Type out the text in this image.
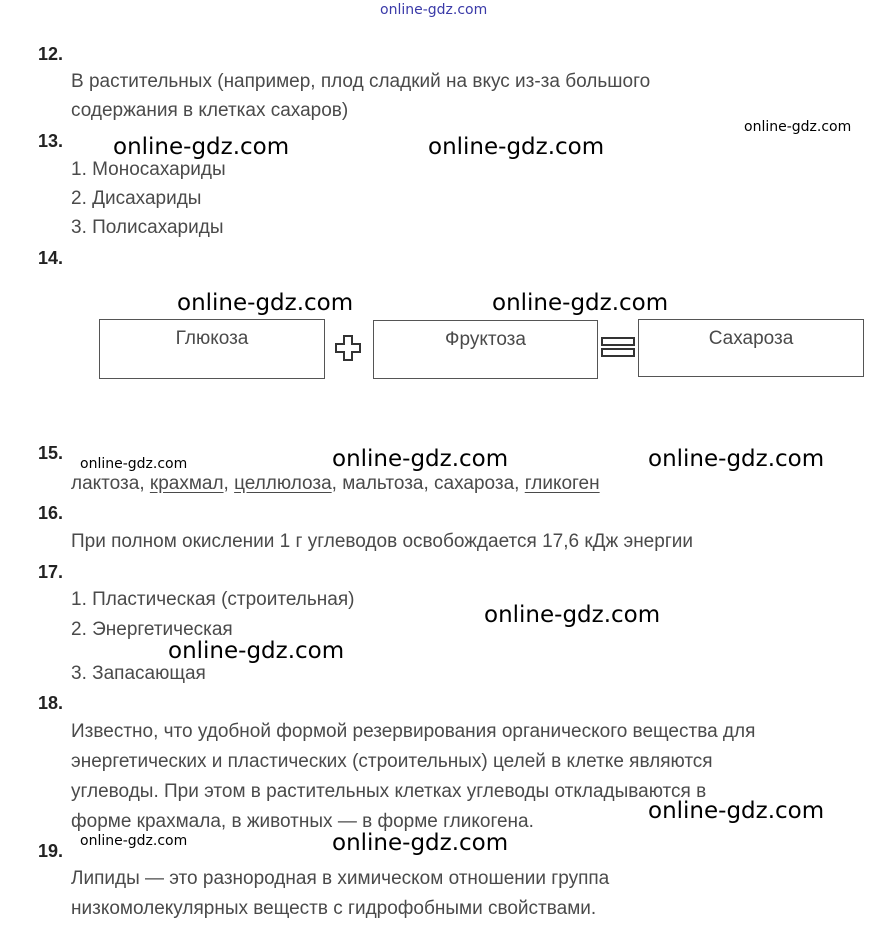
online-gdz.com
12.
В растительных (например, плод сладкий на вкус из-за большого
содержания в клетках сахаров)
online-gdz.com
13. online-gdz.com	online-gdz.com
1. Моносахариды
2. Дисахариды
3. Полисахариды
14.
online-gdz.com	online-gdz.com
Глюкоза	Фруктоза	Сахароза
15.
online-gdz.com	online-gdz.com	online-gdz.com
лактоза, крахмал, целлюлоза, мальтоза, сахароза, гликоген
16.
При полном окислении 1 г углеводов освобождается 17,6 кДж энергии
17.
1. Пластическая (строительная)
online-gdz.com
2. Энергетическая
online-gdz.com
3. Запасающая
18.
Известно, что удобной формой резервирования органического вещества для
энергетических и пластических (строительных) целей в клетке являются
углеводы. При этом в растительных клетках углеводы откладываются в
online-gdz.com
форме крахмала, в животных — в форме гликогена.
19. online-gdz.com	online-gdz.com
Липиды — это разнородная в химическом отношении группа
низкомолекулярных веществ с гидрофобными свойствами.
